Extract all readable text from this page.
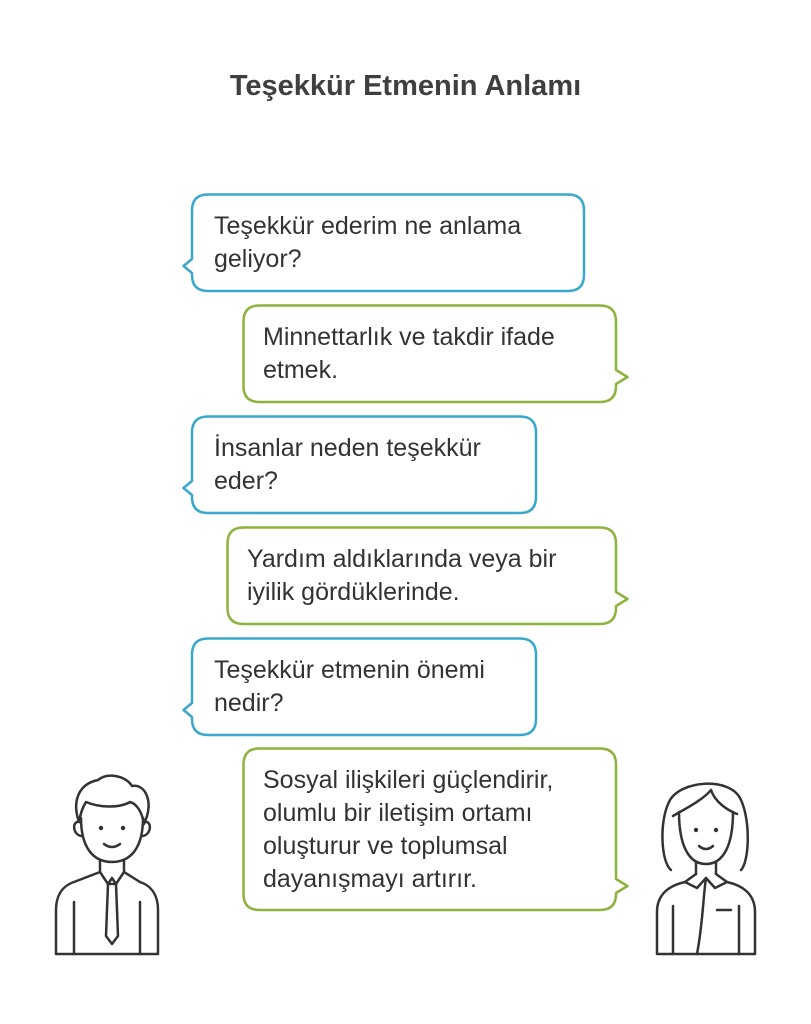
Teşekkür Etmenin Anlamı
Teşekkür ederim ne anlama
geliyor?
Minnettarlık ve takdir ifade
etmek.
İnsanlar neden teşekkür
eder?
Yardım aldıklarında veya bir
iyilik gördüklerinde.
Teşekkür etmenin önemi
nedir?
Sosyal ilişkileri güçlendirir,
olumlu bir iletişim ortamı
oluşturur ve toplumsal
dayanışmayı artırır.
